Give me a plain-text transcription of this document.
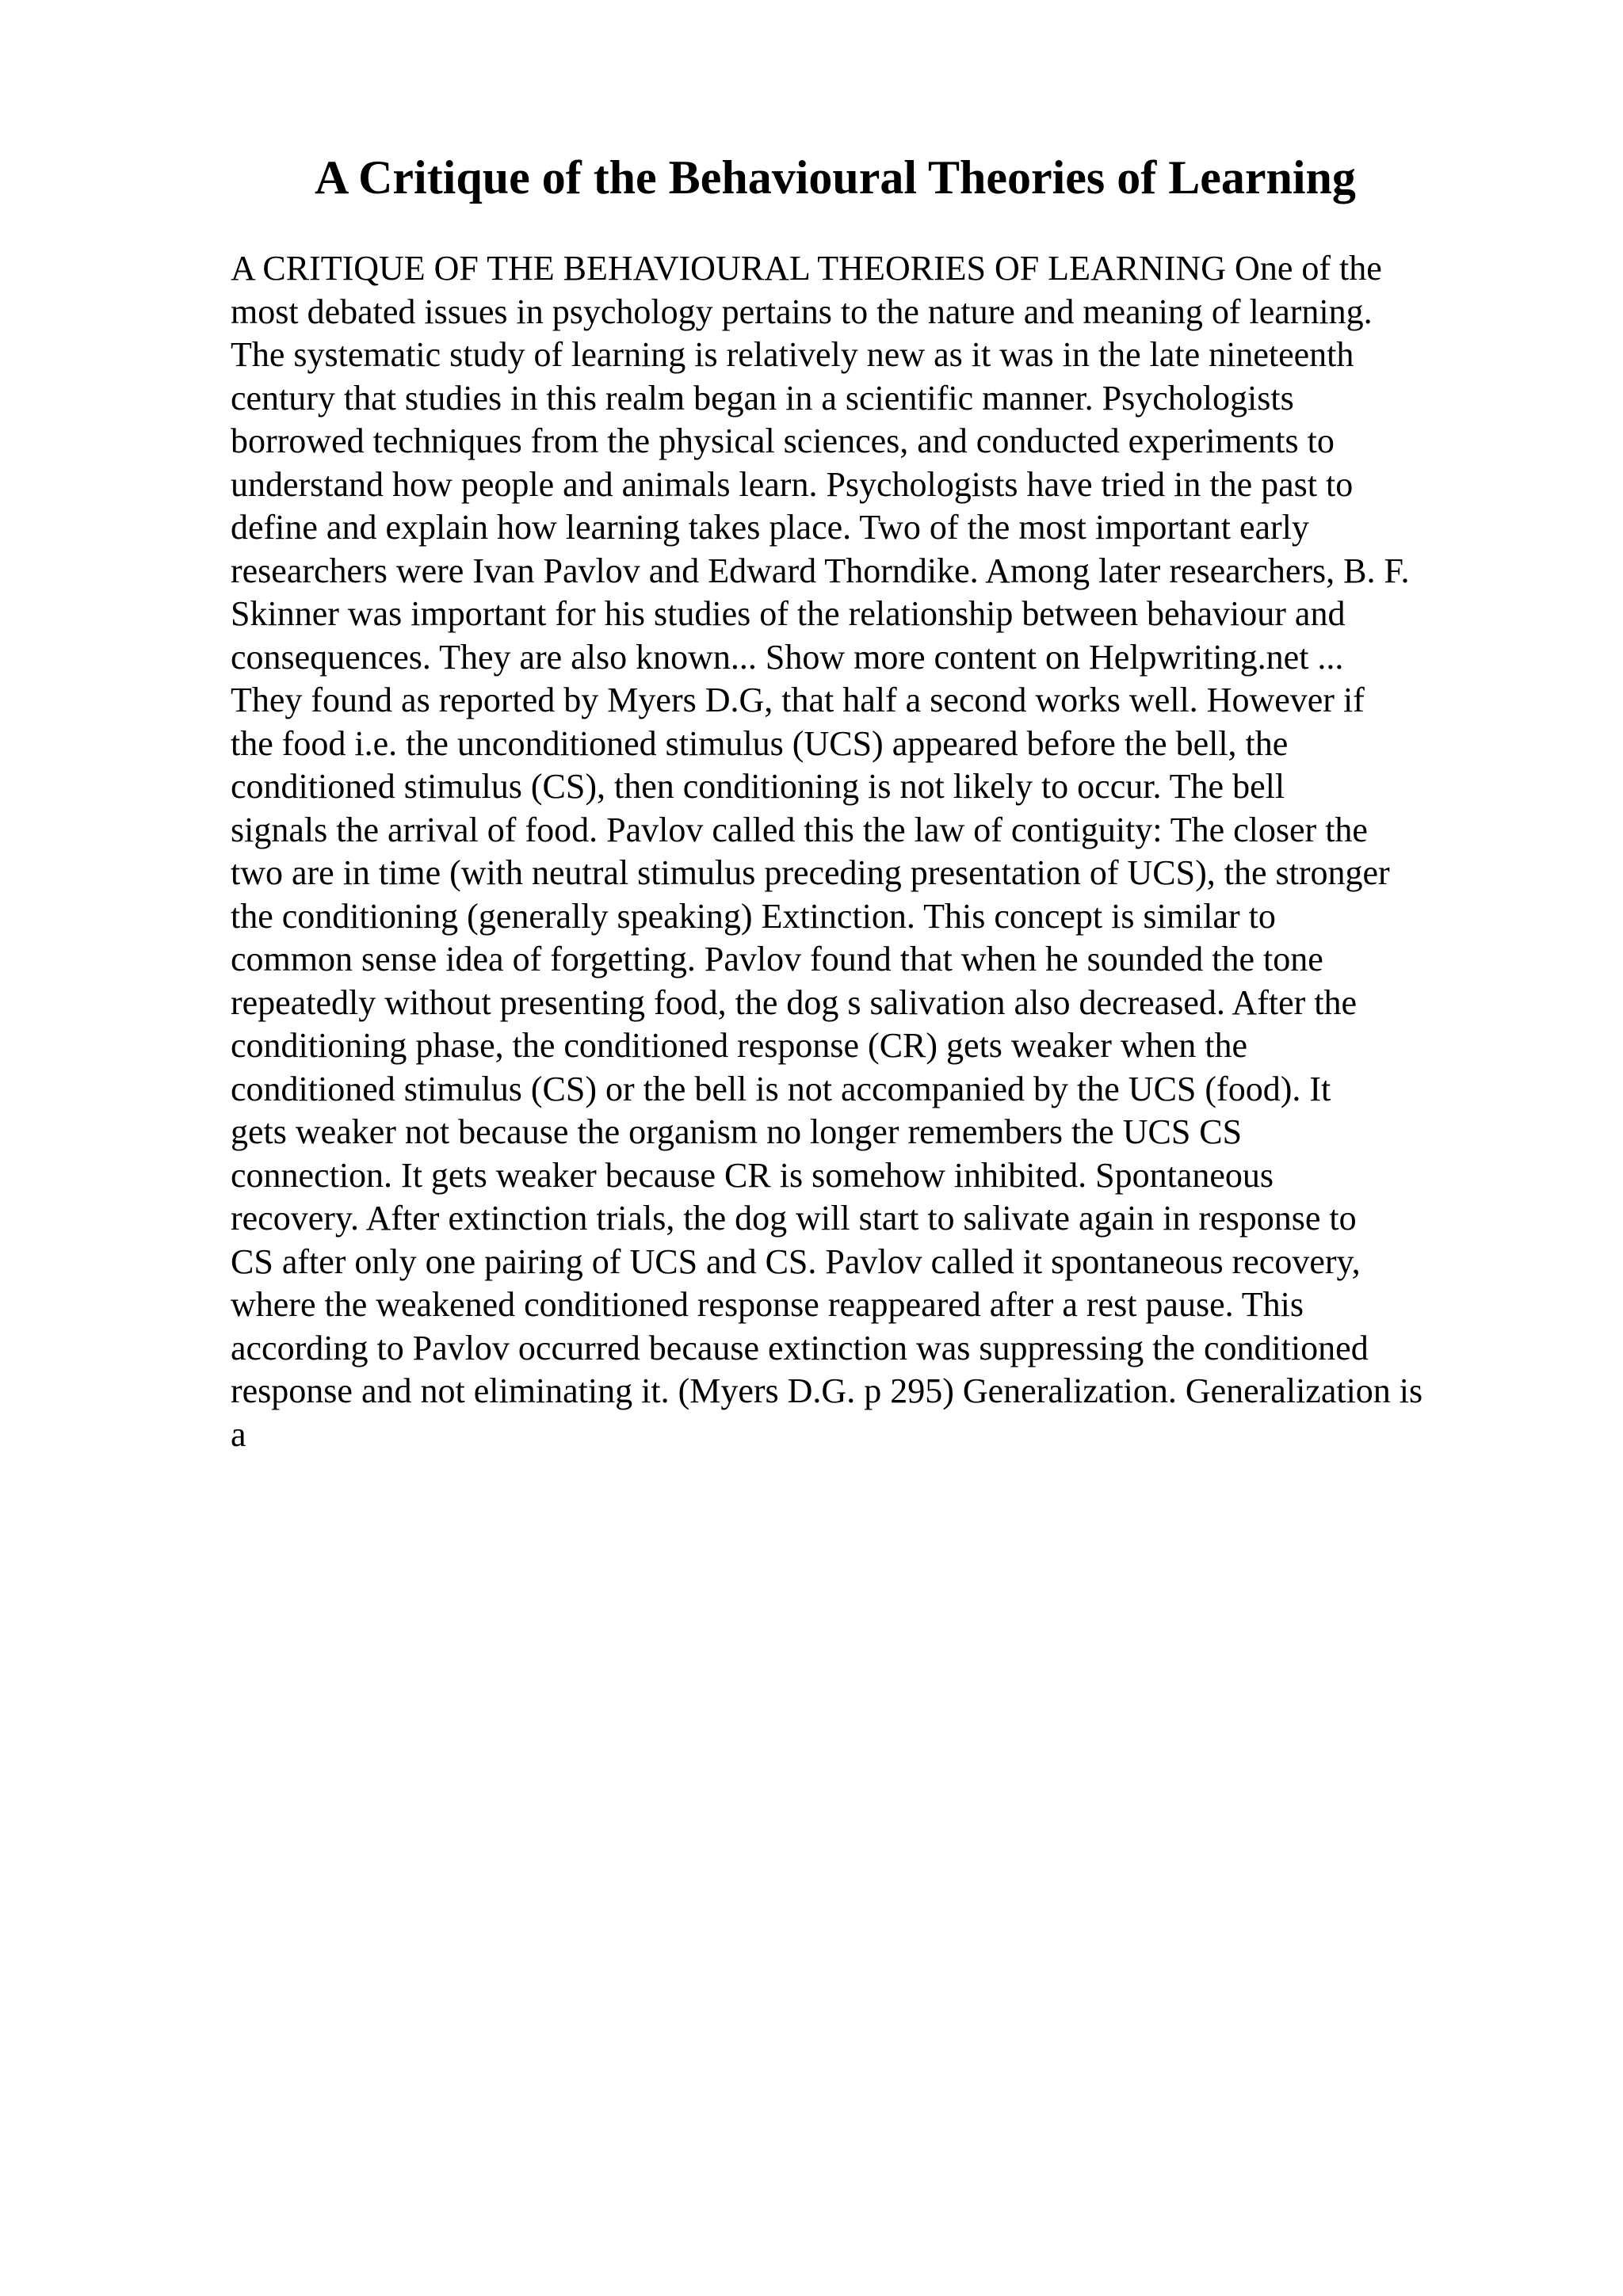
A Critique of the Behavioural Theories of Learning
A CRITIQUE OF THE BEHAVIOURAL THEORIES OF LEARNING One of the
most debated issues in psychology pertains to the nature and meaning of learning.
The systematic study of learning is relatively new as it was in the late nineteenth
century that studies in this realm began in a scientific manner. Psychologists
borrowed techniques from the physical sciences, and conducted experiments to
understand how people and animals learn. Psychologists have tried in the past to
define and explain how learning takes place. Two of the most important early
researchers were Ivan Pavlov and Edward Thorndike. Among later researchers, B. F.
Skinner was important for his studies of the relationship between behaviour and
consequences. They are also known... Show more content on Helpwriting.net ...
They found as reported by Myers D.G, that half a second works well. However if
the food i.e. the unconditioned stimulus (UCS) appeared before the bell, the
conditioned stimulus (CS), then conditioning is not likely to occur. The bell
signals the arrival of food. Pavlov called this the law of contiguity: The closer the
two are in time (with neutral stimulus preceding presentation of UCS), the stronger
the conditioning (generally speaking) Extinction. This concept is similar to
common sense idea of forgetting. Pavlov found that when he sounded the tone
repeatedly without presenting food, the dog s salivation also decreased. After the
conditioning phase, the conditioned response (CR) gets weaker when the
conditioned stimulus (CS) or the bell is not accompanied by the UCS (food). It
gets weaker not because the organism no longer remembers the UCS CS
connection. It gets weaker because CR is somehow inhibited. Spontaneous
recovery. After extinction trials, the dog will start to salivate again in response to
CS after only one pairing of UCS and CS. Pavlov called it spontaneous recovery,
where the weakened conditioned response reappeared after a rest pause. This
according to Pavlov occurred because extinction was suppressing the conditioned
response and not eliminating it. (Myers D.G. p 295) Generalization. Generalization is
a
